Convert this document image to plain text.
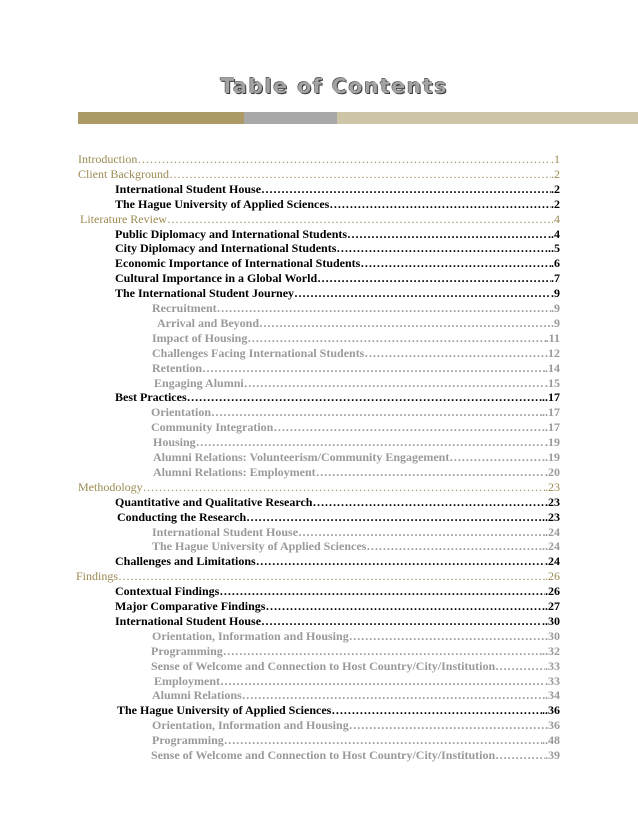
Table of Contents
Introduction ……………………………………………………………………………………………………………………………………………………………………………………	.1
Client Background ……………………………………………………………………………………………………………………………………………………………………………………	.2
International Student House ……………………………………………………………………………………………………………………………………………………………………………………	.2
The Hague University of Applied Sciences ……………………………………………………………………………………………………………………………………………………………………………………	.2
Literature Review ……………………………………………………………………………………………………………………………………………………………………………………	.4
Public Diplomacy and International Students ……………………………………………………………………………………………………………………………………………………………………………………	..4
City Diplomacy and International Students ……………………………………………………………………………………………………………………………………………………………………………………	..5
Economic Importance of International Students ……………………………………………………………………………………………………………………………………………………………………………………	.6
Cultural Importance in a Global World ……………………………………………………………………………………………………………………………………………………………………………………	.7
The International Student Journey ……………………………………………………………………………………………………………………………………………………………………………………	.9
Recruitment ……………………………………………………………………………………………………………………………………………………………………………………	.9
Arrival and Beyond ……………………………………………………………………………………………………………………………………………………………………………………	.9
Impact of Housing ……………………………………………………………………………………………………………………………………………………………………………………	.11
Challenges Facing International Students ……………………………………………………………………………………………………………………………………………………………………………………	.12
Retention ……………………………………………………………………………………………………………………………………………………………………………………	.14
Engaging Alumni ……………………………………………………………………………………………………………………………………………………………………………………	.15
Best Practices ……………………………………………………………………………………………………………………………………………………………………………………	..17
Orientation ……………………………………………………………………………………………………………………………………………………………………………………	..17
Community Integration ……………………………………………………………………………………………………………………………………………………………………………………	.17
Housing ……………………………………………………………………………………………………………………………………………………………………………………	.19
Alumni Relations: Volunteerism/Community Engagement ……………………………………………………………………………………………………………………………………………………………………………………	..19
Alumni Relations: Employment ……………………………………………………………………………………………………………………………………………………………………………………	.20
Methodology ……………………………………………………………………………………………………………………………………………………………………………………	.23
Quantitative and Qualitative Research ……………………………………………………………………………………………………………………………………………………………………………………	.23
Conducting the Research ……………………………………………………………………………………………………………………………………………………………………………………	..23
International Student House ……………………………………………………………………………………………………………………………………………………………………………………	.24
The Hague University of Applied Sciences ……………………………………………………………………………………………………………………………………………………………………………………	..24
Challenges and Limitations ……………………………………………………………………………………………………………………………………………………………………………………	.24
Findings ……………………………………………………………………………………………………………………………………………………………………………………	.26
Contextual Findings ……………………………………………………………………………………………………………………………………………………………………………………	.26
Major Comparative Findings ……………………………………………………………………………………………………………………………………………………………………………………	.27
International Student House ……………………………………………………………………………………………………………………………………………………………………………………	..30
Orientation, Information and Housing ……………………………………………………………………………………………………………………………………………………………………………………	.30
Programming ……………………………………………………………………………………………………………………………………………………………………………………	..32
Sense of Welcome and Connection to Host Country/City/Institution ……………………………………………………………………………………………………………………………………………………………………………………	.33
Employment ……………………………………………………………………………………………………………………………………………………………………………………	.33
Alumni Relations ……………………………………………………………………………………………………………………………………………………………………………………	.34
The Hague University of Applied Sciences ……………………………………………………………………………………………………………………………………………………………………………………	..36
Orientation, Information and Housing ……………………………………………………………………………………………………………………………………………………………………………………	.36
Programming ……………………………………………………………………………………………………………………………………………………………………………………	..48
Sense of Welcome and Connection to Host Country/City/Institution ……………………………………………………………………………………………………………………………………………………………………………………	.39
